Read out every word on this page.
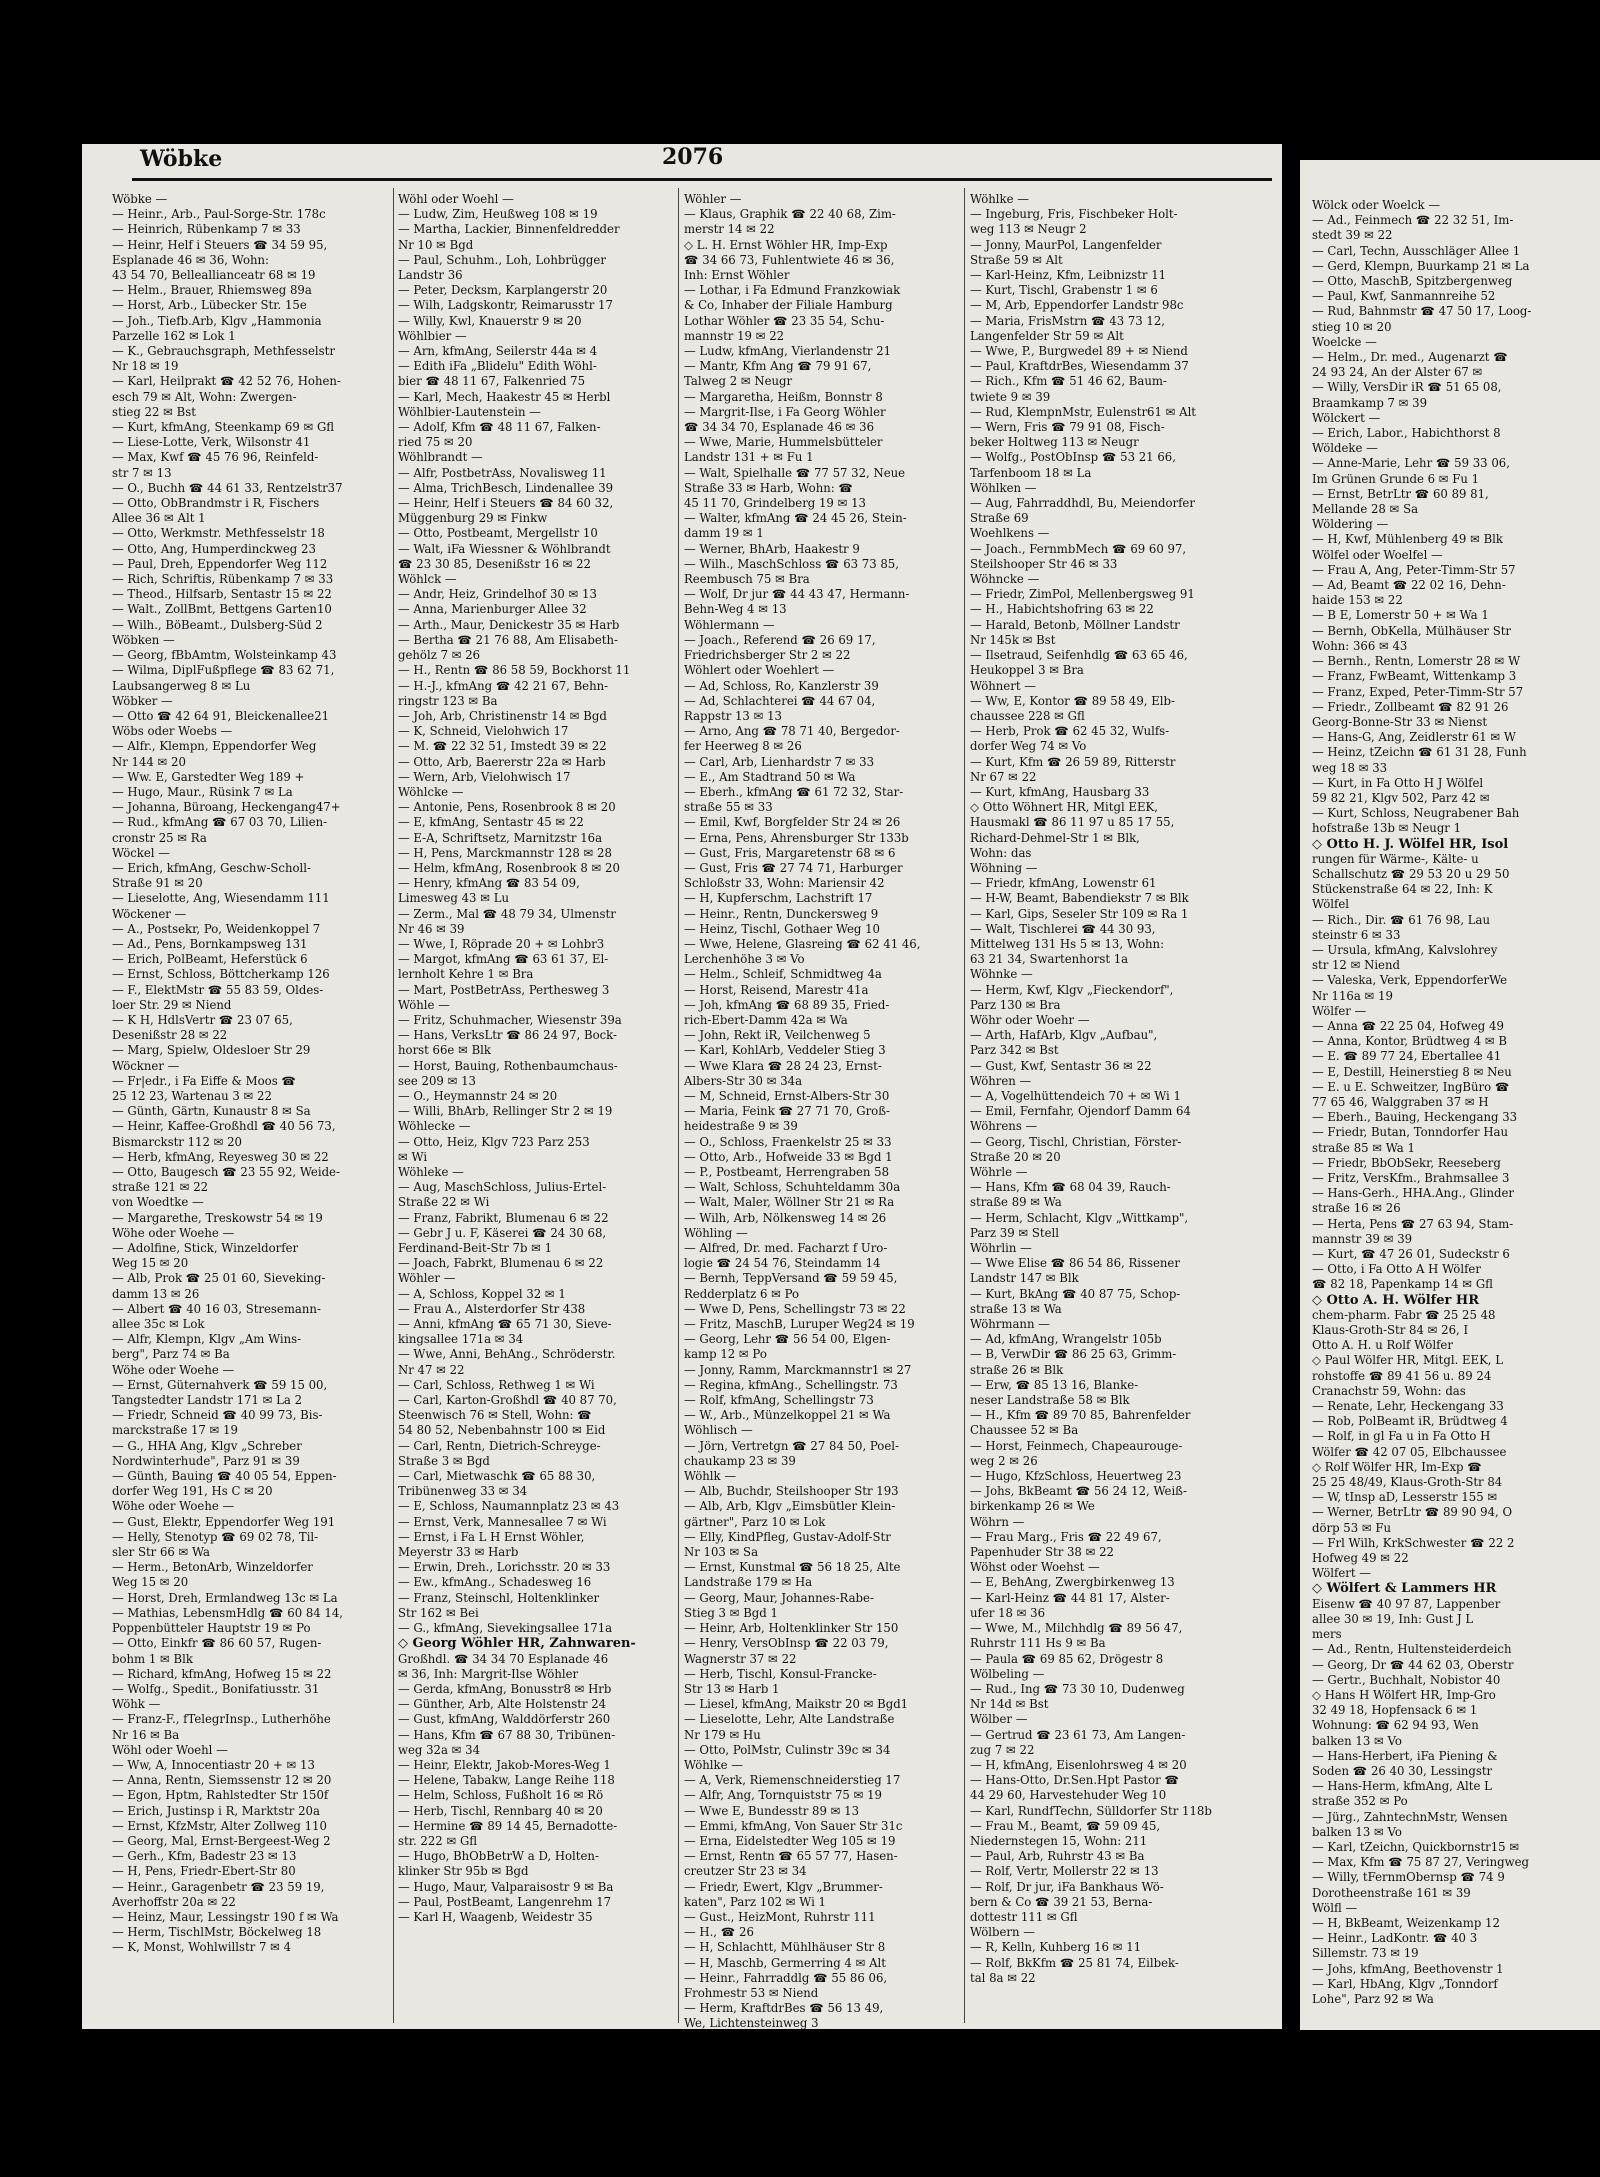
Wöbke	2076
Wöbke —
— Heinr., Arb., Paul-Sorge-Str. 178c
— Heinrich, Rübenkamp 7 ✉ 33
— Heinr, Helf i Steuers ☎ 34 59 95,
Esplanade 46 ✉ 36, Wohn:
43 54 70, Belleallianceatr 68 ✉ 19
— Helm., Brauer, Rhiemsweg 89a
— Horst, Arb., Lübecker Str. 15e
— Joh., Tiefb.Arb, Klgv „Hammonia
Parzelle 162 ✉ Lok 1
— K., Gebrauchsgraph, Methfesselstr
Nr 18 ✉ 19
— Karl, Heilprakt ☎ 42 52 76, Hohen-
esch 79 ✉ Alt, Wohn: Zwergen-
stieg 22 ✉ Bst
— Kurt, kfmAng, Steenkamp 69 ✉ Gfl
— Liese-Lotte, Verk, Wilsonstr 41
— Max, Kwf ☎ 45 76 96, Reinfeld-
str 7 ✉ 13
— O., Buchh ☎ 44 61 33, Rentzelstr37
— Otto, ObBrandmstr i R, Fischers
Allee 36 ✉ Alt 1
— Otto, Werkmstr. Methfesselstr 18
— Otto, Ang, Humperdinckweg 23
— Paul, Dreh, Eppendorfer Weg 112
— Rich, Schriftis, Rübenkamp 7 ✉ 33
— Theod., Hilfsarb, Sentastr 15 ✉ 22
— Walt., ZollBmt, Bettgens Garten10
— Wilh., BöBeamt., Dulsberg-Süd 2
Wöbken —
— Georg, fBbAmtm, Wolsteinkamp 43
— Wilma, DiplFußpflege ☎ 83 62 71,
Laubsangerweg 8 ✉ Lu
Wöbker —
— Otto ☎ 42 64 91, Bleickenallee21
Wöbs oder Woebs —
— Alfr., Klempn, Eppendorfer Weg
Nr 144 ✉ 20
— Ww. E, Garstedter Weg 189 +
— Hugo, Maur., Rüsink 7 ✉ La
— Johanna, Büroang, Heckengang47+
— Rud., kfmAng ☎ 67 03 70, Lilien-
cronstr 25 ✉ Ra
Wöckel —
— Erich, kfmAng, Geschw-Scholl-
Straße 91 ✉ 20
— Lieselotte, Ang, Wiesendamm 111
Wöckener —
— A., Postsekr, Po, Weidenkoppel 7
— Ad., Pens, Bornkampsweg 131
— Erich, PolBeamt, Heferstück 6
— Ernst, Schloss, Böttcherkamp 126
— F., ElektMstr ☎ 55 83 59, Oldes-
loer Str. 29 ✉ Niend
— K H, HdlsVertr ☎ 23 07 65,
Desenißstr 28 ✉ 22
— Marg, Spielw, Oldesloer Str 29
Wöckner —
— Fr|edr., i Fa Eiffe & Moos ☎
25 12 23, Wartenau 3 ✉ 22
— Günth, Gärtn, Kunaustr 8 ✉ Sa
— Heinr, Kaffee-Großhdl ☎ 40 56 73,
Bismarckstr 112 ✉ 20
— Herb, kfmAng, Reyesweg 30 ✉ 22
— Otto, Baugesch ☎ 23 55 92, Weide-
straße 121 ✉ 22
von Woedtke —
— Margarethe, Treskowstr 54 ✉ 19
Wöhe oder Woehe —
— Adolfine, Stick, Winzeldorfer
Weg 15 ✉ 20
— Alb, Prok ☎ 25 01 60, Sieveking-
damm 13 ✉ 26
— Albert ☎ 40 16 03, Stresemann-
allee 35c ✉ Lok
— Alfr, Klempn, Klgv „Am Wins-
berg", Parz 74 ✉ Ba
Wöhe oder Woehe —
— Ernst, Güternahverk ☎ 59 15 00,
Tangstedter Landstr 171 ✉ La 2
— Friedr, Schneid ☎ 40 99 73, Bis-
marckstraße 17 ✉ 19
— G., HHA Ang, Klgv „Schreber
Nordwinterhude", Parz 91 ✉ 39
— Günth, Bauing ☎ 40 05 54, Eppen-
dorfer Weg 191, Hs C ✉ 20
Wöhe oder Woehe —
— Gust, Elektr, Eppendorfer Weg 191
— Helly, Stenotyp ☎ 69 02 78, Til-
sler Str 66 ✉ Wa
— Herm., BetonArb, Winzeldorfer
Weg 15 ✉ 20
— Horst, Dreh, Ermlandweg 13c ✉ La
— Mathias, LebensmHdlg ☎ 60 84 14,
Poppenbütteler Hauptstr 19 ✉ Po
— Otto, Einkfr ☎ 86 60 57, Rugen-
bohm 1 ✉ Blk
— Richard, kfmAng, Hofweg 15 ✉ 22
— Wolfg., Spedit., Bonifatiusstr. 31
Wöhk —
— Franz-F., fTelegrInsp., Lutherhöhe
Nr 16 ✉ Ba
Wöhl oder Woehl —
— Ww, A, Innocentiastr 20 + ✉ 13
— Anna, Rentn, Siemssenstr 12 ✉ 20
— Egon, Hptm, Rahlstedter Str 150f
— Erich, Justinsp i R, Marktstr 20a
— Ernst, KfzMstr, Alter Zollweg 110
— Georg, Mal, Ernst-Bergeest-Weg 2
— Gerh., Kfm, Badestr 23 ✉ 13
— H, Pens, Friedr-Ebert-Str 80
— Heinr., Garagenbetr ☎ 23 59 19,
Averhoffstr 20a ✉ 22
— Heinz, Maur, Lessingstr 190 f ✉ Wa
— Herm, TischlMstr, Böckelweg 18
— K, Monst, Wohlwillstr 7 ✉ 4
Wöhl oder Woehl —
— Ludw, Zim, Heußweg 108 ✉ 19
— Martha, Lackier, Binnenfeldredder
Nr 10 ✉ Bgd
— Paul, Schuhm., Loh, Lohbrügger
Landstr 36
— Peter, Decksm, Karplangerstr 20
— Wilh, Ladgskontr, Reimarusstr 17
— Willy, Kwl, Knauerstr 9 ✉ 20
Wöhlbier —
— Arn, kfmAng, Seilerstr 44a ✉ 4
— Edith iFa „Blidelu" Edith Wöhl-
bier ☎ 48 11 67, Falkenried 75
— Karl, Mech, Haakestr 45 ✉ Herbl
Wöhlbier-Lautenstein —
— Adolf, Kfm ☎ 48 11 67, Falken-
ried 75 ✉ 20
Wöhlbrandt —
— Alfr, PostbetrAss, Novalisweg 11
— Alma, TrichBesch, Lindenallee 39
— Heinr, Helf i Steuers ☎ 84 60 32,
Müggenburg 29 ✉ Finkw
— Otto, Postbeamt, Mergellstr 10
— Walt, iFa Wiessner & Wöhlbrandt
☎ 23 30 85, Desenißstr 16 ✉ 22
Wöhlck —
— Andr, Heiz, Grindelhof 30 ✉ 13
— Anna, Marienburger Allee 32
— Arth., Maur, Denickestr 35 ✉ Harb
— Bertha ☎ 21 76 88, Am Elisabeth-
gehölz 7 ✉ 26
— H., Rentn ☎ 86 58 59, Bockhorst 11
— H.-J., kfmAng ☎ 42 21 67, Behn-
ringstr 123 ✉ Ba
— Joh, Arb, Christinenstr 14 ✉ Bgd
— K, Schneid, Vielohwich 17
— M. ☎ 22 32 51, Imstedt 39 ✉ 22
— Otto, Arb, Baererstr 22a ✉ Harb
— Wern, Arb, Vielohwisch 17
Wöhlcke —
— Antonie, Pens, Rosenbrook 8 ✉ 20
— E, kfmAng, Sentastr 45 ✉ 22
— E-A, Schriftsetz, Marnitzstr 16a
— H, Pens, Marckmannstr 128 ✉ 28
— Helm, kfmAng, Rosenbrook 8 ✉ 20
— Henry, kfmAng ☎ 83 54 09,
Limesweg 43 ✉ Lu
— Zerm., Mal ☎ 48 79 34, Ulmenstr
Nr 46 ✉ 39
— Wwe, I, Röprade 20 + ✉ Lohbr3
— Margot, kfmAng ☎ 63 61 37, El-
lernholt Kehre 1 ✉ Bra
— Mart, PostBetrAss, Perthesweg 3
Wöhle —
— Fritz, Schuhmacher, Wiesenstr 39a
— Hans, VerksLtr ☎ 86 24 97, Bock-
horst 66e ✉ Blk
— Horst, Bauing, Rothenbaumchaus-
see 209 ✉ 13
— O., Heymannstr 24 ✉ 20
— Willi, BhArb, Rellinger Str 2 ✉ 19
Wöhlecke —
— Otto, Heiz, Klgv 723 Parz 253
✉ Wi
Wöhleke —
— Aug, MaschSchloss, Julius-Ertel-
Straße 22 ✉ Wi
— Franz, Fabrikt, Blumenau 6 ✉ 22
— Gebr J u. F, Käserei ☎ 24 30 68,
Ferdinand-Beit-Str 7b ✉ 1
— Joach, Fabrkt, Blumenau 6 ✉ 22
Wöhler —
— A, Schloss, Koppel 32 ✉ 1
— Frau A., Alsterdorfer Str 438
— Anni, kfmAng ☎ 65 71 30, Sieve-
kingsallee 171a ✉ 34
— Wwe, Anni, BehAng., Schröderstr.
Nr 47 ✉ 22
— Carl, Schloss, Rethweg 1 ✉ Wi
— Carl, Karton-Großhdl ☎ 40 87 70,
Steenwisch 76 ✉ Stell, Wohn: ☎
54 80 52, Nebenbahnstr 100 ✉ Eid
— Carl, Rentn, Dietrich-Schreyge-
Straße 3 ✉ Bgd
— Carl, Mietwaschk ☎ 65 88 30,
Tribünenweg 33 ✉ 34
— E, Schloss, Naumannplatz 23 ✉ 43
— Ernst, Verk, Mannesallee 7 ✉ Wi
— Ernst, i Fa L H Ernst Wöhler,
Meyerstr 33 ✉ Harb
— Erwin, Dreh., Lorichsstr. 20 ✉ 33
— Ew., kfmAng., Schadesweg 16
— Franz, Steinschl, Holtenklinker
Str 162 ✉ Bei
— G., kfmAng, Sievekingsallee 171a
◇ Georg Wöhler HR, Zahnwaren-
Großhdl. ☎ 34 34 70 Esplanade 46
✉ 36, Inh: Margrit-Ilse Wöhler
— Gerda, kfmAng, Bonusstr8 ✉ Hrb
— Günther, Arb, Alte Holstenstr 24
— Gust, kfmAng, Walddörferstr 260
— Hans, Kfm ☎ 67 88 30, Tribünen-
weg 32a ✉ 34
— Heinr, Elektr, Jakob-Mores-Weg 1
— Helene, Tabakw, Lange Reihe 118
— Helm, Schloss, Fußholt 16 ✉ Rö
— Herb, Tischl, Rennbarg 40 ✉ 20
— Hermine ☎ 89 14 45, Bernadotte-
str. 222 ✉ Gfl
— Hugo, BhObBetrW a D, Holten-
klinker Str 95b ✉ Bgd
— Hugo, Maur, Valparaisostr 9 ✉ Ba
— Paul, PostBeamt, Langenrehm 17
— Karl H, Waagenb, Weidestr 35
Wöhler —
— Klaus, Graphik ☎ 22 40 68, Zim-
merstr 14 ✉ 22
◇ L. H. Ernst Wöhler HR, Imp-Exp
☎ 34 66 73, Fuhlentwiete 46 ✉ 36,
Inh: Ernst Wöhler
— Lothar, i Fa Edmund Franzkowiak
& Co, Inhaber der Filiale Hamburg
Lothar Wöhler ☎ 23 35 54, Schu-
mannstr 19 ✉ 22
— Ludw, kfmAng, Vierlandenstr 21
— Mantr, Kfm Ang ☎ 79 91 67,
Talweg 2 ✉ Neugr
— Margaretha, Heißm, Bonnstr 8
— Margrit-Ilse, i Fa Georg Wöhler
☎ 34 34 70, Esplanade 46 ✉ 36
— Wwe, Marie, Hummelsbütteler
Landstr 131 + ✉ Fu 1
— Walt, Spielhalle ☎ 77 57 32, Neue
Straße 33 ✉ Harb, Wohn: ☎
45 11 70, Grindelberg 19 ✉ 13
— Walter, kfmAng ☎ 24 45 26, Stein-
damm 19 ✉ 1
— Werner, BhArb, Haakestr 9
— Wilh., MaschSchloss ☎ 63 73 85,
Reembusch 75 ✉ Bra
— Wolf, Dr jur ☎ 44 43 47, Hermann-
Behn-Weg 4 ✉ 13
Wöhlermann —
— Joach., Referend ☎ 26 69 17,
Friedrichsberger Str 2 ✉ 22
Wöhlert oder Woehlert —
— Ad, Schloss, Ro, Kanzlerstr 39
— Ad, Schlachterei ☎ 44 67 04,
Rappstr 13 ✉ 13
— Arno, Ang ☎ 78 71 40, Bergedor-
fer Heerweg 8 ✉ 26
— Carl, Arb, Lienhardstr 7 ✉ 33
— E., Am Stadtrand 50 ✉ Wa
— Eberh., kfmAng ☎ 61 72 32, Star-
straße 55 ✉ 33
— Emil, Kwf, Borgfelder Str 24 ✉ 26
— Erna, Pens, Ahrensburger Str 133b
— Gust, Fris, Margaretenstr 68 ✉ 6
— Gust, Fris ☎ 27 74 71, Harburger
Schloßstr 33, Wohn: Mariensir 42
— H, Kupferschm, Lachstrift 17
— Heinr., Rentn, Dunckersweg 9
— Heinz, Tischl, Gothaer Weg 10
— Wwe, Helene, Glasreing ☎ 62 41 46,
Lerchenhöhe 3 ✉ Vo
— Helm., Schleif, Schmidtweg 4a
— Horst, Reisend, Marestr 41a
— Joh, kfmAng ☎ 68 89 35, Fried-
rich-Ebert-Damm 42a ✉ Wa
— John, Rekt iR, Veilchenweg 5
— Karl, KohlArb, Veddeler Stieg 3
— Wwe Klara ☎ 28 24 23, Ernst-
Albers-Str 30 ✉ 34a
— M, Schneid, Ernst-Albers-Str 30
— Maria, Feink ☎ 27 71 70, Groß-
heidestraße 9 ✉ 39
— O., Schloss, Fraenkelstr 25 ✉ 33
— Otto, Arb., Hofweide 33 ✉ Bgd 1
— P., Postbeamt, Herrengraben 58
— Walt, Schloss, Schuhteldamm 30a
— Walt, Maler, Wöllner Str 21 ✉ Ra
— Wilh, Arb, Nölkensweg 14 ✉ 26
Wöhling —
— Alfred, Dr. med. Facharzt f Uro-
logie ☎ 24 54 76, Steindamm 14
— Bernh, TeppVersand ☎ 59 59 45,
Redderplatz 6 ✉ Po
— Wwe D, Pens, Schellingstr 73 ✉ 22
— Fritz, MaschB, Luruper Weg24 ✉ 19
— Georg, Lehr ☎ 56 54 00, Elgen-
kamp 12 ✉ Po
— Jonny, Ramm, Marckmannstr1 ✉ 27
— Regina, kfmAng., Schellingstr. 73
— Rolf, kfmAng, Schellingstr 73
— W., Arb., Münzelkoppel 21 ✉ Wa
Wöhlisch —
— Jörn, Vertretgn ☎ 27 84 50, Poel-
chaukamp 23 ✉ 39
Wöhlk —
— Alb, Buchdr, Steilshooper Str 193
— Alb, Arb, Klgv „Eimsbütler Klein-
gärtner", Parz 10 ✉ Lok
— Elly, KindPfleg, Gustav-Adolf-Str
Nr 103 ✉ Sa
— Ernst, Kunstmal ☎ 56 18 25, Alte
Landstraße 179 ✉ Ha
— Georg, Maur, Johannes-Rabe-
Stieg 3 ✉ Bgd 1
— Heinr, Arb, Holtenklinker Str 150
— Henry, VersObInsp ☎ 22 03 79,
Wagnerstr 37 ✉ 22
— Herb, Tischl, Konsul-Francke-
Str 13 ✉ Harb 1
— Liesel, kfmAng, Maikstr 20 ✉ Bgd1
— Lieselotte, Lehr, Alte Landstraße
Nr 179 ✉ Hu
— Otto, PolMstr, Culinstr 39c ✉ 34
Wöhlke —
— A, Verk, Riemenschneiderstieg 17
— Alfr, Ang, Tornquiststr 75 ✉ 19
— Wwe E, Bundesstr 89 ✉ 13
— Emmi, kfmAng, Von Sauer Str 31c
— Erna, Eidelstedter Weg 105 ✉ 19
— Ernst, Rentn ☎ 65 57 77, Hasen-
creutzer Str 23 ✉ 34
— Friedr, Ewert, Klgv „Brummer-
katen", Parz 102 ✉ Wi 1
— Gust., HeizMont, Ruhrstr 111
— H., ☎ 26
— H, Schlachtt, Mühlhäuser Str 8
— H, Maschb, Germerring 4 ✉ Alt
— Heinr., Fahrraddlg ☎ 55 86 06,
Frohmestr 53 ✉ Niend
— Herm, KraftdrBes ☎ 56 13 49,
We, Lichtensteinweg 3
Wöhlke —
— Ingeburg, Fris, Fischbeker Holt-
weg 113 ✉ Neugr 2
— Jonny, MaurPol, Langenfelder
Straße 59 ✉ Alt
— Karl-Heinz, Kfm, Leibnizstr 11
— Kurt, Tischl, Grabenstr 1 ✉ 6
— M, Arb, Eppendorfer Landstr 98c
— Maria, FrisMstrn ☎ 43 73 12,
Langenfelder Str 59 ✉ Alt
— Wwe, P., Burgwedel 89 + ✉ Niend
— Paul, KraftdrBes, Wiesendamm 37
— Rich., Kfm ☎ 51 46 62, Baum-
twiete 9 ✉ 39
— Rud, KlempnMstr, Eulenstr61 ✉ Alt
— Wern, Fris ☎ 79 91 08, Fisch-
beker Holtweg 113 ✉ Neugr
— Wolfg., PostObInsp ☎ 53 21 66,
Tarfenboom 18 ✉ La
Wöhlken —
— Aug, Fahrraddhdl, Bu, Meiendorfer
Straße 69
Woehlkens —
— Joach., FernmbMech ☎ 69 60 97,
Steilshooper Str 46 ✉ 33
Wöhncke —
— Friedr, ZimPol, Mellenbergsweg 91
— H., Habichtshofring 63 ✉ 22
— Harald, Betonb, Möllner Landstr
Nr 145k ✉ Bst
— Ilsetraud, Seifenhdlg ☎ 63 65 46,
Heukoppel 3 ✉ Bra
Wöhnert —
— Ww, E, Kontor ☎ 89 58 49, Elb-
chaussee 228 ✉ Gfl
— Herb, Prok ☎ 62 45 32, Wulfs-
dorfer Weg 74 ✉ Vo
— Kurt, Kfm ☎ 26 59 89, Ritterstr
Nr 67 ✉ 22
— Kurt, kfmAng, Hausbarg 33
◇ Otto Wöhnert HR, Mitgl EEK,
Hausmakl ☎ 86 11 97 u 85 17 55,
Richard-Dehmel-Str 1 ✉ Blk,
Wohn: das
Wöhning —
— Friedr, kfmAng, Lowenstr 61
— H-W, Beamt, Babendiekstr 7 ✉ Blk
— Karl, Gips, Seseler Str 109 ✉ Ra 1
— Walt, Tischlerei ☎ 44 30 93,
Mittelweg 131 Hs 5 ✉ 13, Wohn:
63 21 34, Swartenhorst 1a
Wöhnke —
— Herm, Kwf, Klgv „Fieckendorf",
Parz 130 ✉ Bra
Wöhr oder Woehr —
— Arth, HafArb, Klgv „Aufbau",
Parz 342 ✉ Bst
— Gust, Kwf, Sentastr 36 ✉ 22
Wöhren —
— A, Vogelhüttendeich 70 + ✉ Wi 1
— Emil, Fernfahr, Ojendorf Damm 64
Wöhrens —
— Georg, Tischl, Christian, Förster-
Straße 20 ✉ 20
Wöhrle —
— Hans, Kfm ☎ 68 04 39, Rauch-
straße 89 ✉ Wa
— Herm, Schlacht, Klgv „Wittkamp",
Parz 39 ✉ Stell
Wöhrlin —
— Wwe Elise ☎ 86 54 86, Rissener
Landstr 147 ✉ Blk
— Kurt, BkAng ☎ 40 87 75, Schop-
straße 13 ✉ Wa
Wöhrmann —
— Ad, kfmAng, Wrangelstr 105b
— B, VerwDir ☎ 86 25 63, Grimm-
straße 26 ✉ Blk
— Erw, ☎ 85 13 16, Blanke-
neser Landstraße 58 ✉ Blk
— H., Kfm ☎ 89 70 85, Bahrenfelder
Chaussee 52 ✉ Ba
— Horst, Feinmech, Chapeaurouge-
weg 2 ✉ 26
— Hugo, KfzSchloss, Heuertweg 23
— Johs, BkBeamt ☎ 56 24 12, Weiß-
birkenkamp 26 ✉ We
Wöhrn —
— Frau Marg., Fris ☎ 22 49 67,
Papenhuder Str 38 ✉ 22
Wöhst oder Woehst —
— E, BehAng, Zwergbirkenweg 13
— Karl-Heinz ☎ 44 81 17, Alster-
ufer 18 ✉ 36
— Wwe, M., Milchhdlg ☎ 89 56 47,
Ruhrstr 111 Hs 9 ✉ Ba
— Paula ☎ 69 85 62, Drögestr 8
Wölbeling —
— Rud., Ing ☎ 73 30 10, Dudenweg
Nr 14d ✉ Bst
Wölber —
— Gertrud ☎ 23 61 73, Am Langen-
zug 7 ✉ 22
— H, kfmAng, Eisenlohrsweg 4 ✉ 20
— Hans-Otto, Dr.Sen.Hpt Pastor ☎
44 29 60, Harvestehuder Weg 10
— Karl, RundfTechn, Sülldorfer Str 118b
— Frau M., Beamt, ☎ 59 09 45,
Niedernstegen 15, Wohn: 211
— Paul, Arb, Ruhrstr 43 ✉ Ba
— Rolf, Vertr, Mollerstr 22 ✉ 13
— Rolf, Dr jur, iFa Bankhaus Wö-
bern & Co ☎ 39 21 53, Berna-
dottestr 111 ✉ Gfl
Wölbern —
— R, Kelln, Kuhberg 16 ✉ 11
— Rolf, BkKfm ☎ 25 81 74, Eilbek-
tal 8a ✉ 22
Wölck oder Woelck —
— Ad., Feinmech ☎ 22 32 51, Im-
stedt 39 ✉ 22
— Carl, Techn, Ausschläger Allee 1
— Gerd, Klempn, Buurkamp 21 ✉ La
— Otto, MaschB, Spitzbergenweg
— Paul, Kwf, Sanmannreihe 52
— Rud, Bahnmstr ☎ 47 50 17, Loog-
stieg 10 ✉ 20
Woelcke —
— Helm., Dr. med., Augenarzt ☎
24 93 24, An der Alster 67 ✉
— Willy, VersDir iR ☎ 51 65 08,
Braamkamp 7 ✉ 39
Wölckert —
— Erich, Labor., Habichthorst 8
Wöldeke —
— Anne-Marie, Lehr ☎ 59 33 06,
Im Grünen Grunde 6 ✉ Fu 1
— Ernst, BetrLtr ☎ 60 89 81,
Mellande 28 ✉ Sa
Wöldering —
— H, Kwf, Mühlenberg 49 ✉ Blk
Wölfel oder Woelfel —
— Frau A, Ang, Peter-Timm-Str 57
— Ad, Beamt ☎ 22 02 16, Dehn-
haide 153 ✉ 22
— B E, Lomerstr 50 + ✉ Wa 1
— Bernh, ObKella, Mülhäuser Str
Wohn: 366 ✉ 43
— Bernh., Rentn, Lomerstr 28 ✉ W
— Franz, FwBeamt, Wittenkamp 3
— Franz, Exped, Peter-Timm-Str 57
— Friedr., Zollbeamt ☎ 82 91 26
Georg-Bonne-Str 33 ✉ Nienst
— Hans-G, Ang, Zeidlerstr 61 ✉ W
— Heinz, tZeichn ☎ 61 31 28, Funh
weg 18 ✉ 33
— Kurt, in Fa Otto H J Wölfel
59 82 21, Klgv 502, Parz 42 ✉
— Kurt, Schloss, Neugrabener Bah
hofstraße 13b ✉ Neugr 1
◇ Otto H. J. Wölfel HR, Isol
rungen für Wärme-, Kälte- u
Schallschutz ☎ 29 53 20 u 29 50
Stückenstraße 64 ✉ 22, Inh: K
Wölfel
— Rich., Dir. ☎ 61 76 98, Lau
steinstr 6 ✉ 33
— Ursula, kfmAng, Kalvslohrey
str 12 ✉ Niend
— Valeska, Verk, EppendorferWe
Nr 116a ✉ 19
Wölfer —
— Anna ☎ 22 25 04, Hofweg 49
— Anna, Kontor, Brüdtweg 4 ✉ B
— E. ☎ 89 77 24, Ebertallee 41
— E, Destill, Heinerstieg 8 ✉ Neu
— E. u E. Schweitzer, IngBüro ☎
77 65 46, Walggraben 37 ✉ H
— Eberh., Bauing, Heckengang 33
— Friedr, Butan, Tonndorfer Hau
straße 85 ✉ Wa 1
— Friedr, BbObSekr, Reeseberg
— Fritz, VersKfm., Brahmsallee 3
— Hans-Gerh., HHA.Ang., Glinder
straße 16 ✉ 26
— Herta, Pens ☎ 27 63 94, Stam-
mannstr 39 ✉ 39
— Kurt, ☎ 47 26 01, Sudeckstr 6
— Otto, i Fa Otto A H Wölfer
☎ 82 18, Papenkamp 14 ✉ Gfl
◇ Otto A. H. Wölfer HR
chem-pharm. Fabr ☎ 25 25 48
Klaus-Groth-Str 84 ✉ 26, I
Otto A. H. u Rolf Wölfer
◇ Paul Wölfer HR, Mitgl. EEK, L
rohstoffe ☎ 89 41 56 u. 89 24
Cranachstr 59, Wohn: das
— Renate, Lehr, Heckengang 33
— Rob, PolBeamt iR, Brüdtweg 4
— Rolf, in gl Fa u in Fa Otto H
Wölfer ☎ 42 07 05, Elbchaussee
◇ Rolf Wölfer HR, Im-Exp ☎
25 25 48/49, Klaus-Groth-Str 84
— W, tInsp aD, Lesserstr 155 ✉
— Werner, BetrLtr ☎ 89 90 94, O
dörp 53 ✉ Fu
— Frl Wilh, KrkSchwester ☎ 22 2
Hofweg 49 ✉ 22
Wölfert —
◇ Wölfert & Lammers HR
Eisenw ☎ 40 97 87, Lappenber
allee 30 ✉ 19, Inh: Gust J L
mers
— Ad., Rentn, Hultensteiderdeich
— Georg, Dr ☎ 44 62 03, Oberstr
— Gertr., Buchhalt, Nobistor 40
◇ Hans H Wölfert HR, Imp-Gro
32 49 18, Hopfensack 6 ✉ 1
Wohnung: ☎ 62 94 93, Wen
balken 13 ✉ Vo
— Hans-Herbert, iFa Piening &
Soden ☎ 26 40 30, Lessingstr
— Hans-Herm, kfmAng, Alte L
straße 352 ✉ Po
— Jürg., ZahntechnMstr, Wensen
balken 13 ✉ Vo
— Karl, tZeichn, Quickbornstr15 ✉
— Max, Kfm ☎ 75 87 27, Veringweg
— Willy, tFernmObernsp ☎ 74 9
Dorotheenstraße 161 ✉ 39
Wölfl —
— H, BkBeamt, Weizenkamp 12
— Heinr., LadKontr. ☎ 40 3
Sillemstr. 73 ✉ 19
— Johs, kfmAng, Beethovenstr 1
— Karl, HbAng, Klgv „Tonndorf
Lohe", Parz 92 ✉ Wa
